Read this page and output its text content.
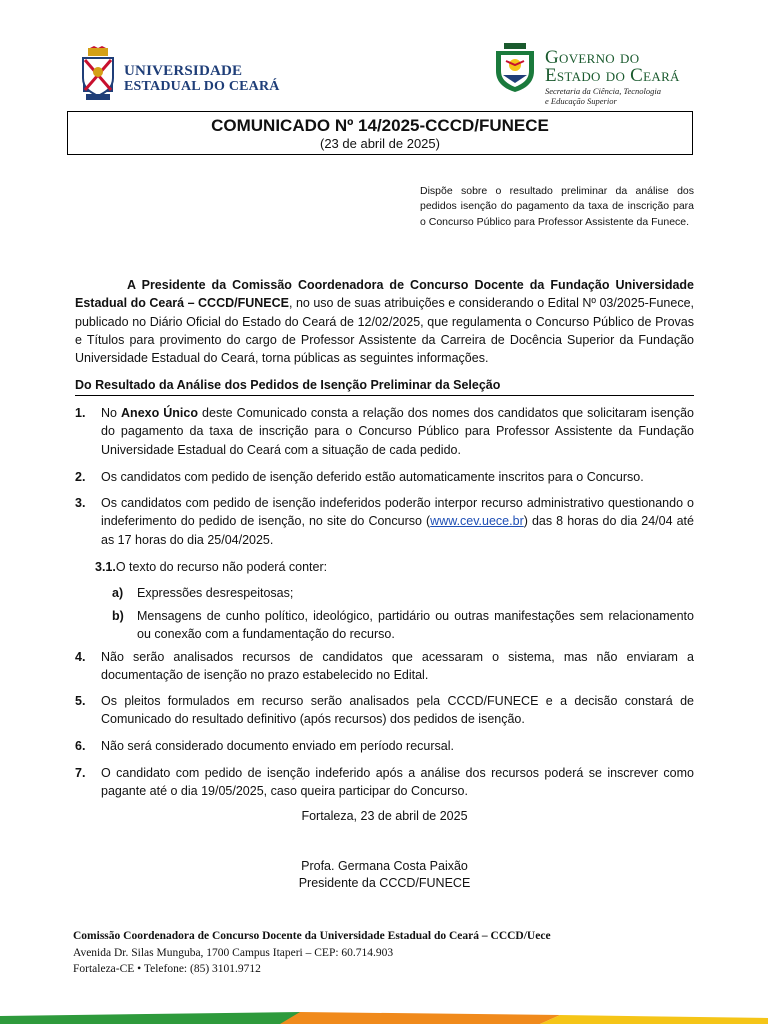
UNIVERSIDADE
ESTADUAL DO CEARÁ
Governo do
Estado do Ceará
Secretaria da Ciência, Tecnologia
e Educação Superior
COMUNICADO Nº 14/2025-CCCD/FUNECE
(23 de abril de 2025)
Dispõe sobre o resultado preliminar da análise dos pedidos isenção do pagamento da taxa de inscrição para o Concurso Público para Professor Assistente da Funece.
A Presidente da Comissão Coordenadora de Concurso Docente da Fundação Universidade Estadual do Ceará – CCCD/FUNECE, no uso de suas atribuições e considerando o Edital Nº 03/2025-Funece, publicado no Diário Oficial do Estado do Ceará de 12/02/2025, que regulamenta o Concurso Público de Provas e Títulos para provimento do cargo de Professor Assistente da Carreira de Docência Superior da Fundação Universidade Estadual do Ceará, torna públicas as seguintes informações.
Do Resultado da Análise dos Pedidos de Isenção Preliminar da Seleção
1. No Anexo Único deste Comunicado consta a relação dos nomes dos candidatos que solicitaram isenção do pagamento da taxa de inscrição para o Concurso Público para Professor Assistente da Fundação Universidade Estadual do Ceará com a situação de cada pedido.
2. Os candidatos com pedido de isenção deferido estão automaticamente inscritos para o Concurso.
3. Os candidatos com pedido de isenção indeferidos poderão interpor recurso administrativo questionando o indeferimento do pedido de isenção, no site do Concurso (www.cev.uece.br) das 8 horas do dia 24/04 até as 17 horas do dia 25/04/2025.
3.1.O texto do recurso não poderá conter:
a) Expressões desrespeitosas;
b) Mensagens de cunho político, ideológico, partidário ou outras manifestações sem relacionamento ou conexão com a fundamentação do recurso.
4. Não serão analisados recursos de candidatos que acessaram o sistema, mas não enviaram a documentação de isenção no prazo estabelecido no Edital.
5. Os pleitos formulados em recurso serão analisados pela CCCD/FUNECE e a decisão constará de Comunicado do resultado definitivo (após recursos) dos pedidos de isenção.
6. Não será considerado documento enviado em período recursal.
7. O candidato com pedido de isenção indeferido após a análise dos recursos poderá se inscrever como pagante até o dia 19/05/2025, caso queira participar do Concurso.
Fortaleza, 23 de abril de 2025
Profa. Germana Costa Paixão
Presidente da CCCD/FUNECE
Comissão Coordenadora de Concurso Docente da Universidade Estadual do Ceará – CCCD/Uece
Avenida Dr. Silas Munguba, 1700 Campus Itaperi – CEP: 60.714.903
Fortaleza-CE • Telefone: (85) 3101.9712
